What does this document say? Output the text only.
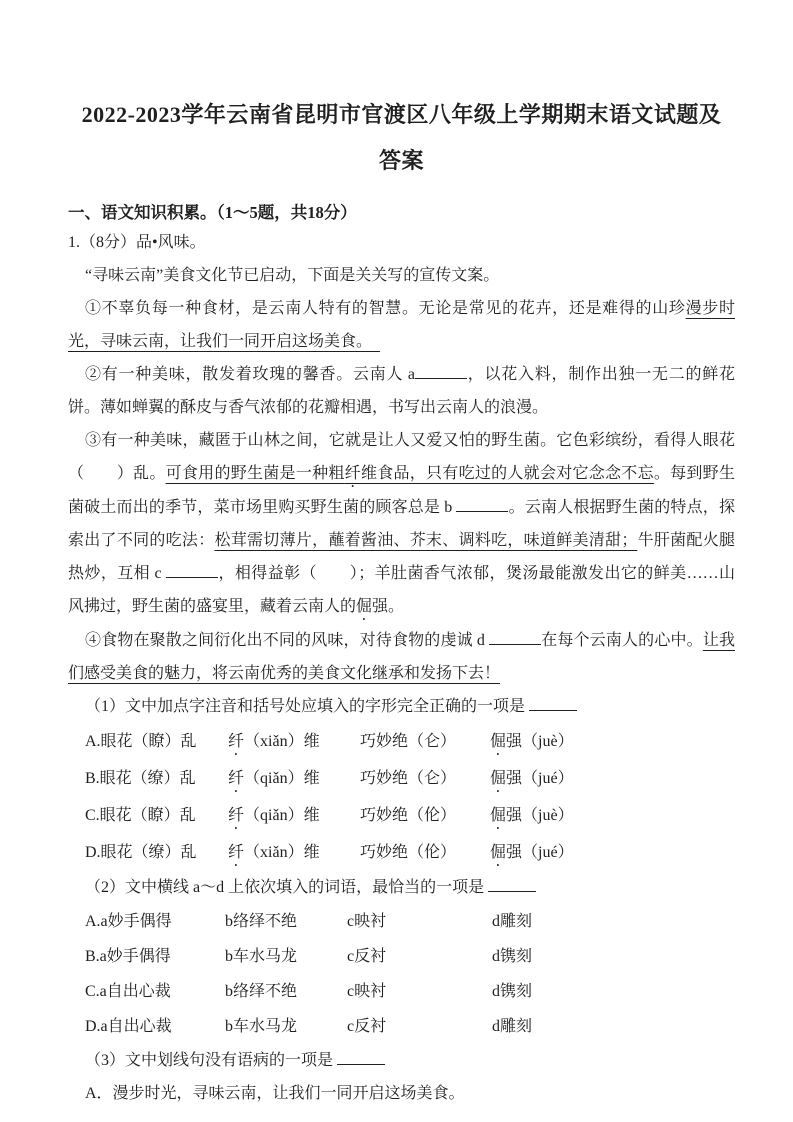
2022-2023学年云南省昆明市官渡区八年级上学期期末语文试题及答案
一、语文知识积累。（1～5题，共18分）

1.（8分）品•风味。

“寻味云南”美食文化节已启动，下面是关关写的宣传文案。

①不辜负每一种食材，是云南人特有的智慧。无论是常见的花卉，还是难得的山珍漫步时光，寻味云南，让我们一同开启这场美食。　

②有一种美味，散发着玫瑰的馨香。云南人 a	，以花入料，制作出独一无二的鲜花饼。薄如蝉翼的酥皮与香气浓郁的花瓣相遇，书写出云南人的浪漫。

③有一种美味，藏匿于山林之间，它就是让人又爱又怕的野生菌。它色彩缤纷，看得人眼花（　　）乱。可食用的野生菌是一种粗纤维食品，只有吃过的人就会对它念念不忘。每到野生菌破土而出的季节，菜市场里购买野生菌的顾客总是 b	。云南人根据野生菌的特点，探索出了不同的吃法：松茸需切薄片，蘸着酱油、芥末、调料吃，味道鲜美清甜；牛肝菌配火腿热炒，互相 c	，相得益彰（　　）；羊肚菌香气浓郁，煲汤最能激发出它的鲜美……山风拂过，野生菌的盛宴里，藏着云南人的倔强。

④食物在聚散之间衍化出不同的风味，对待食物的虔诚 d	在每个云南人的心中。让我们感受美食的魅力，将云南优秀的美食文化继承和发扬下去！

（1）文中加点字注音和括号处应填入的字形完全正确的一项是

A.眼花（瞭）乱	纤（xiǎn）维	巧妙绝（仑）	倔强（juè）
B.眼花（缭）乱	纤（qiǎn）维	巧妙绝（仑）	倔强（jué）
C.眼花（瞭）乱	纤（qiǎn）维	巧妙绝（伦）	倔强（juè）
D.眼花（缭）乱	纤（xiǎn）维	巧妙绝（伦）	倔强（jué）

（2）文中横线 a～d 上依次填入的词语，最恰当的一项是

A.a妙手偶得	b络绎不绝	c映衬	d雕刻
B.a妙手偶得	b车水马龙	c反衬	d镌刻
C.a自出心裁	b络绎不绝	c映衬	d镌刻
D.a自出心裁	b车水马龙	c反衬	d雕刻

（3）文中划线句没有语病的一项是

A．漫步时光，寻味云南，让我们一同开启这场美食。
